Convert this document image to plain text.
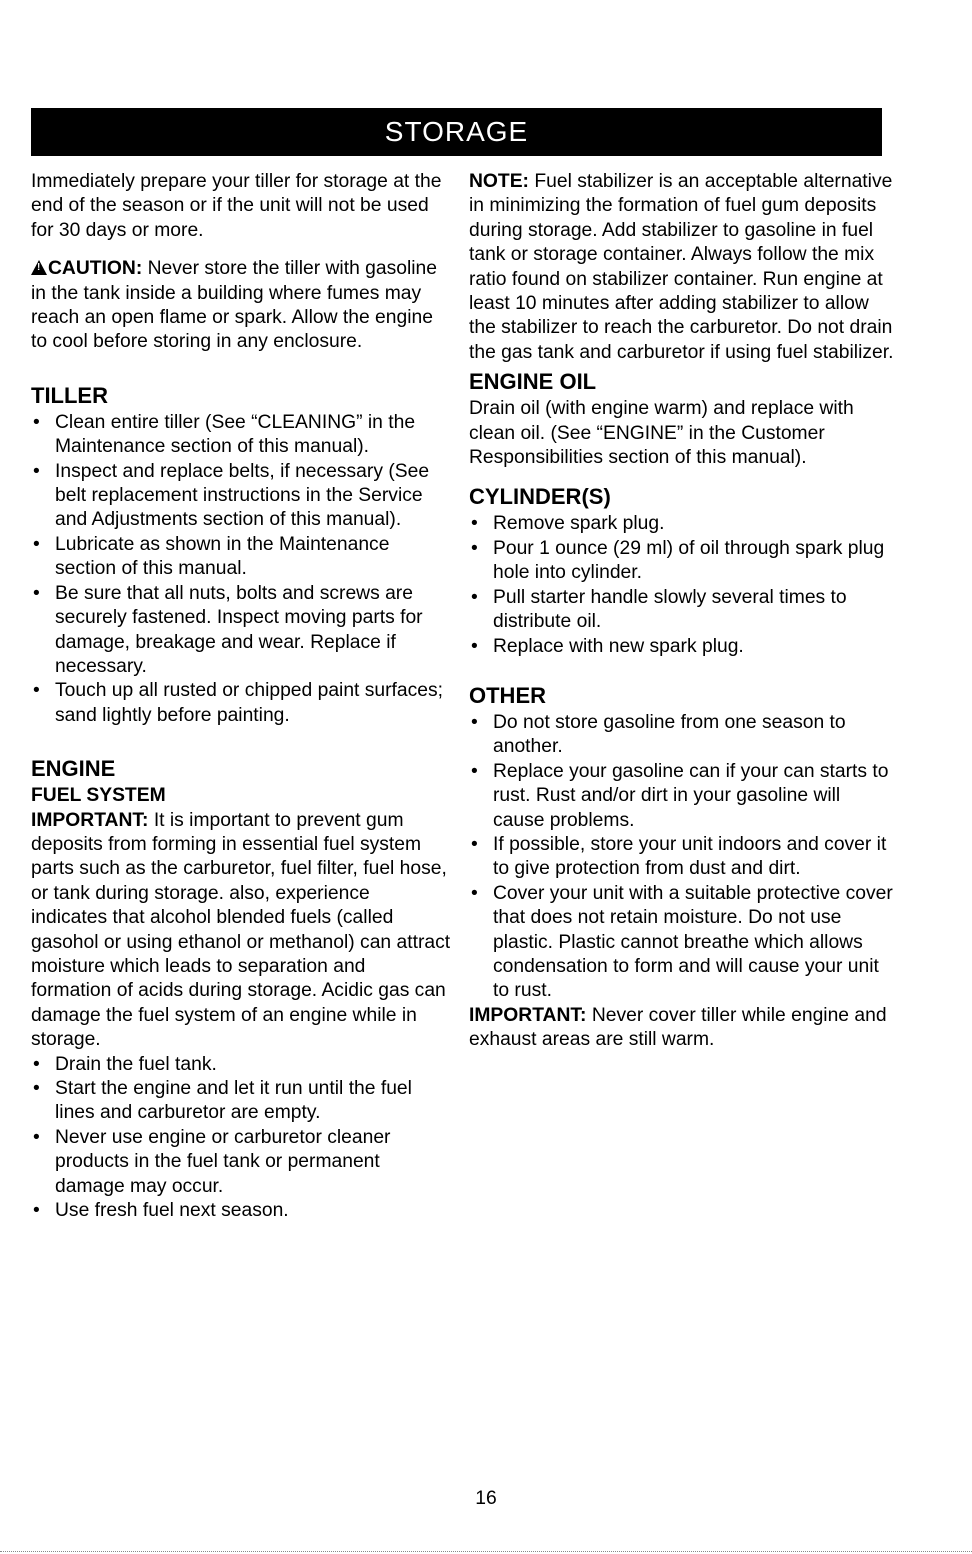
STORAGE

Immediately prepare your tiller for storage at the end of the season or if the unit will not be used for 30 days or more.

!CAUTION: Never store the tiller with gasoline in the tank inside a building where fumes may reach an open flame or spark. Allow the engine to cool before storing in any enclosure.

TILLER
• Clean entire tiller (See “CLEANING” in the Maintenance section of this manual).
• Inspect and replace belts, if necessary (See belt replacement instructions in the Service and Adjustments section of this manual).
• Lubricate as shown in the Maintenance section of this manual.
• Be sure that all nuts, bolts and screws are securely fastened. Inspect moving parts for damage, breakage and wear. Replace if necessary.
• Touch up all rusted or chipped paint surfaces; sand lightly before painting.
ENGINE
FUEL SYSTEM

IMPORTANT: It is important to prevent gum deposits from forming in essential fuel system parts such as the carburetor, fuel filter, fuel hose, or tank during storage. also, experience indicates that alcohol blended fuels (called gasohol or using ethanol or methanol) can attract moisture which leads to separation and formation of acids during storage. Acidic gas can damage the fuel system of an engine while in storage.

• Drain the fuel tank.
• Start the engine and let it run until the fuel lines and carburetor are empty.
• Never use engine or carburetor cleaner products in the fuel tank or permanent damage may occur.
• Use fresh fuel next season.

NOTE: Fuel stabilizer is an acceptable alternative in minimizing the formation of fuel gum deposits during storage. Add stabilizer to gasoline in fuel tank or storage container. Always follow the mix ratio found on stabilizer container. Run engine at least 10 minutes after adding stabilizer to allow the stabilizer to reach the carburetor. Do not drain the gas tank and carburetor if using fuel stabilizer.

ENGINE OIL

Drain oil (with engine warm) and replace with clean oil. (See “ENGINE” in the Customer Responsibilities section of this manual).

CYLINDER(S)
• Remove spark plug.
• Pour 1 ounce (29 ml) of oil through spark plug hole into cylinder.
• Pull starter handle slowly several times to distribute oil.
• Replace with new spark plug.
OTHER
• Do not store gasoline from one season to another.
• Replace your gasoline can if your can starts to rust. Rust and/or dirt in your gasoline will cause problems.
• If possible, store your unit indoors and cover it to give protection from dust and dirt.
• Cover your unit with a suitable protective cover that does not retain moisture. Do not use plastic. Plastic cannot breathe which allows condensation to form and will cause your unit to rust.

IMPORTANT: Never cover tiller while engine and exhaust areas are still warm.

16
